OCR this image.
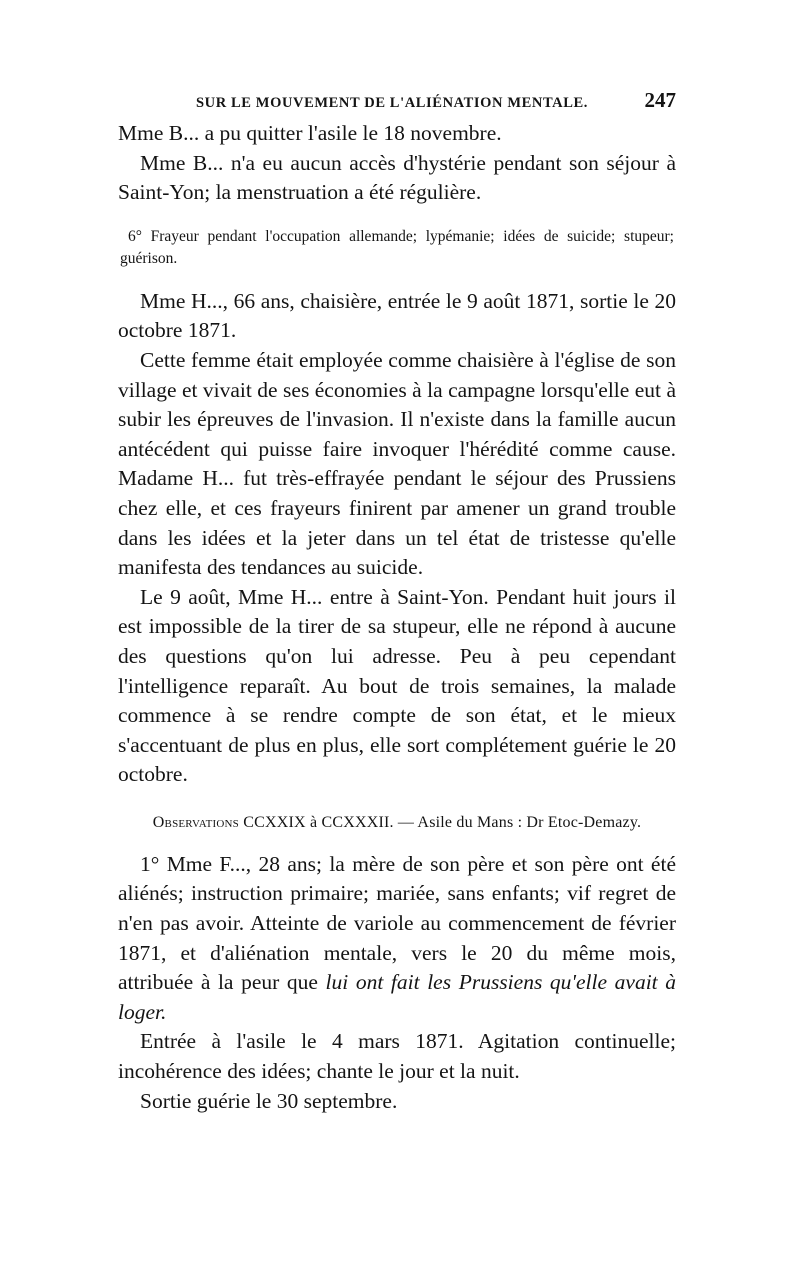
SUR LE MOUVEMENT DE L'ALIÉNATION MENTALE.	247

Mme B... a pu quitter l'asile le 18 novembre.

Mme B... n'a eu aucun accès d'hystérie pendant son séjour à Saint-Yon; la menstruation a été régulière.

6° Frayeur pendant l'occupation allemande; lypémanie; idées de suicide; stupeur; guérison.

Mme H..., 66 ans, chaisière, entrée le 9 août 1871, sortie le 20 octobre 1871.

Cette femme était employée comme chaisière à l'église de son village et vivait de ses économies à la campagne lorsqu'elle eut à subir les épreuves de l'invasion. Il n'existe dans la famille aucun antécédent qui puisse faire invoquer l'hérédité comme cause. Madame H... fut très-effrayée pendant le séjour des Prussiens chez elle, et ces frayeurs finirent par amener un grand trouble dans les idées et la jeter dans un tel état de tristesse qu'elle manifesta des tendances au suicide.

Le 9 août, Mme H... entre à Saint-Yon. Pendant huit jours il est impossible de la tirer de sa stupeur, elle ne répond à aucune des questions qu'on lui adresse. Peu à peu cependant l'intelligence reparaît. Au bout de trois semaines, la malade commence à se rendre compte de son état, et le mieux s'accentuant de plus en plus, elle sort complétement guérie le 20 octobre.

Observations CCXXIX à CCXXXII. — Asile du Mans : Dr Etoc-Demazy.

1° Mme F..., 28 ans; la mère de son père et son père ont été aliénés; instruction primaire; mariée, sans enfants; vif regret de n'en pas avoir. Atteinte de variole au commencement de février 1871, et d'aliénation mentale, vers le 20 du même mois, attribuée à la peur que lui ont fait les Prussiens qu'elle avait à loger.

Entrée à l'asile le 4 mars 1871. Agitation continuelle; incohérence des idées; chante le jour et la nuit.

Sortie guérie le 30 septembre.
